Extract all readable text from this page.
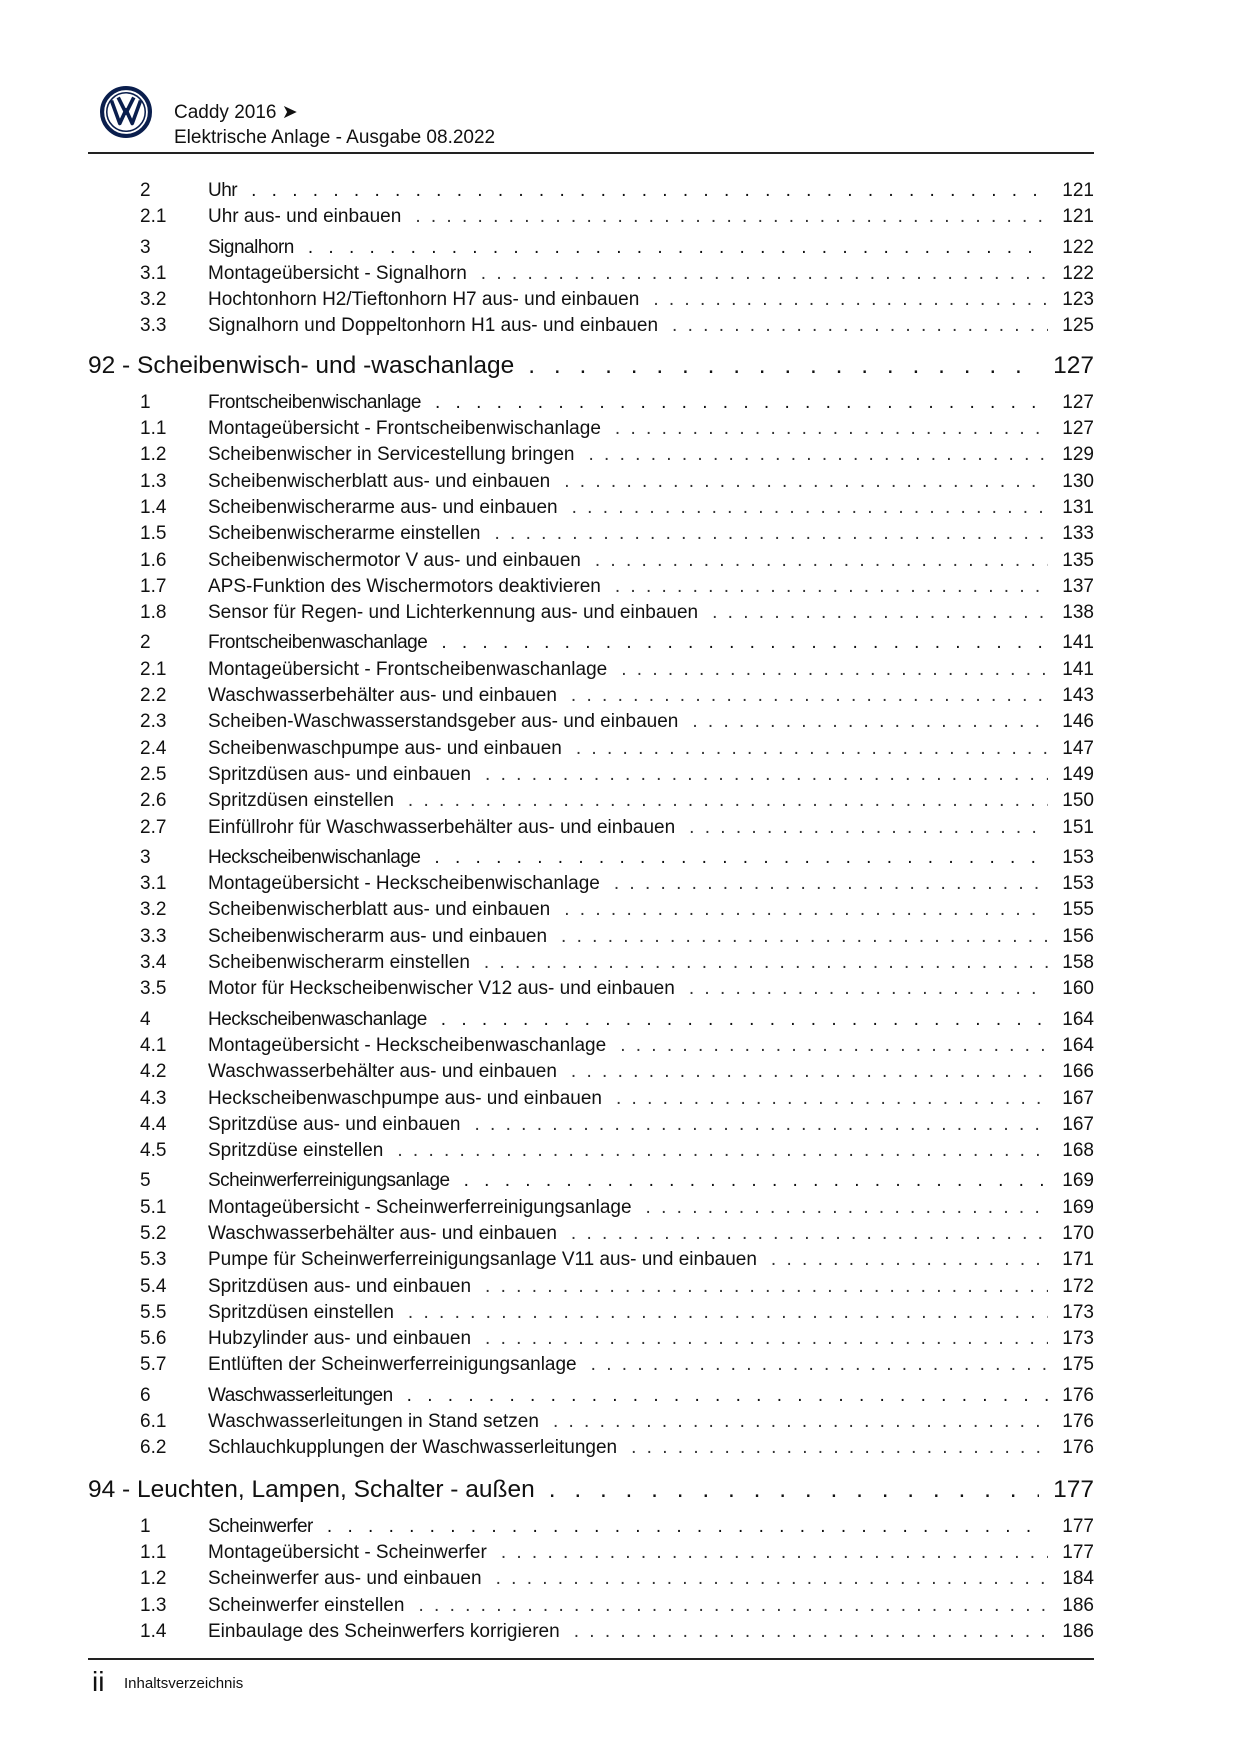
Caddy 2016 ➤
Elektrische Anlage - Ausgabe 08.2022
2	Uhr . . .	121
2.1 Uhr aus- und einbauen . . .	121
3	Signalhorn . . .	122
3.1 Montageübersicht - Signalhorn . . .	122
3.2 Hochtonhorn H2/Tieftonhorn H7 aus- und einbauen . . .	123
3.3 Signalhorn und Doppeltonhorn H1 aus- und einbauen . . .	125
92 - Scheibenwisch- und -waschanlage . . .	127
1	Frontscheibenwischanlage . . .	127
1.1 Montageübersicht - Frontscheibenwischanlage . . .	127
1.2 Scheibenwischer in Servicestellung bringen . . .	129
1.3 Scheibenwischerblatt aus- und einbauen . . .	130
1.4 Scheibenwischerarme aus- und einbauen . . .	131
1.5 Scheibenwischerarme einstellen . . .	133
1.6 Scheibenwischermotor V aus- und einbauen . . .	135
1.7 APS-Funktion des Wischermotors deaktivieren . . .	137
1.8 Sensor für Regen- und Lichterkennung aus- und einbauen . . .	138
2	Frontscheibenwaschanlage . . .	141
2.1 Montageübersicht - Frontscheibenwaschanlage . . .	141
2.2 Waschwasserbehälter aus- und einbauen . . .	143
2.3 Scheiben-Waschwasserstandsgeber aus- und einbauen . . .	146
2.4 Scheibenwaschpumpe aus- und einbauen . . .	147
2.5 Spritzdüsen aus- und einbauen . . .	149
2.6 Spritzdüsen einstellen . . .	150
2.7 Einfüllrohr für Waschwasserbehälter aus- und einbauen . . .	151
3	Heckscheibenwischanlage . . .	153
3.1 Montageübersicht - Heckscheibenwischanlage . . .	153
3.2 Scheibenwischerblatt aus- und einbauen . . .	155
3.3 Scheibenwischerarm aus- und einbauen . . .	156
3.4 Scheibenwischerarm einstellen . . .	158
3.5 Motor für Heckscheibenwischer V12 aus- und einbauen . . .	160
4	Heckscheibenwaschanlage . . .	164
4.1 Montageübersicht - Heckscheibenwaschanlage . . .	164
4.2 Waschwasserbehälter aus- und einbauen . . .	166
4.3 Heckscheibenwaschpumpe aus- und einbauen . . .	167
4.4 Spritzdüse aus- und einbauen . . .	167
4.5 Spritzdüse einstellen . . .	168
5	Scheinwerferreinigungsanlage . . .	169
5.1 Montageübersicht - Scheinwerferreinigungsanlage . . .	169
5.2 Waschwasserbehälter aus- und einbauen . . .	170
5.3 Pumpe für Scheinwerferreinigungsanlage V11 aus- und einbauen . . .	171
5.4 Spritzdüsen aus- und einbauen . . .	172
5.5 Spritzdüsen einstellen . . .	173
5.6 Hubzylinder aus- und einbauen . . .	173
5.7 Entlüften der Scheinwerferreinigungsanlage . . .	175
6	Waschwasserleitungen . . .	176
6.1 Waschwasserleitungen in Stand setzen . . .	176
6.2 Schlauchkupplungen der Waschwasserleitungen . . .	176
94 - Leuchten, Lampen, Schalter - außen . . .	177
1	Scheinwerfer . . .	177
1.1 Montageübersicht - Scheinwerfer . . .	177
1.2 Scheinwerfer aus- und einbauen . . .	184
1.3 Scheinwerfer einstellen . . .	186
1.4 Einbaulage des Scheinwerfers korrigieren . . .	186
ii Inhaltsverzeichnis
